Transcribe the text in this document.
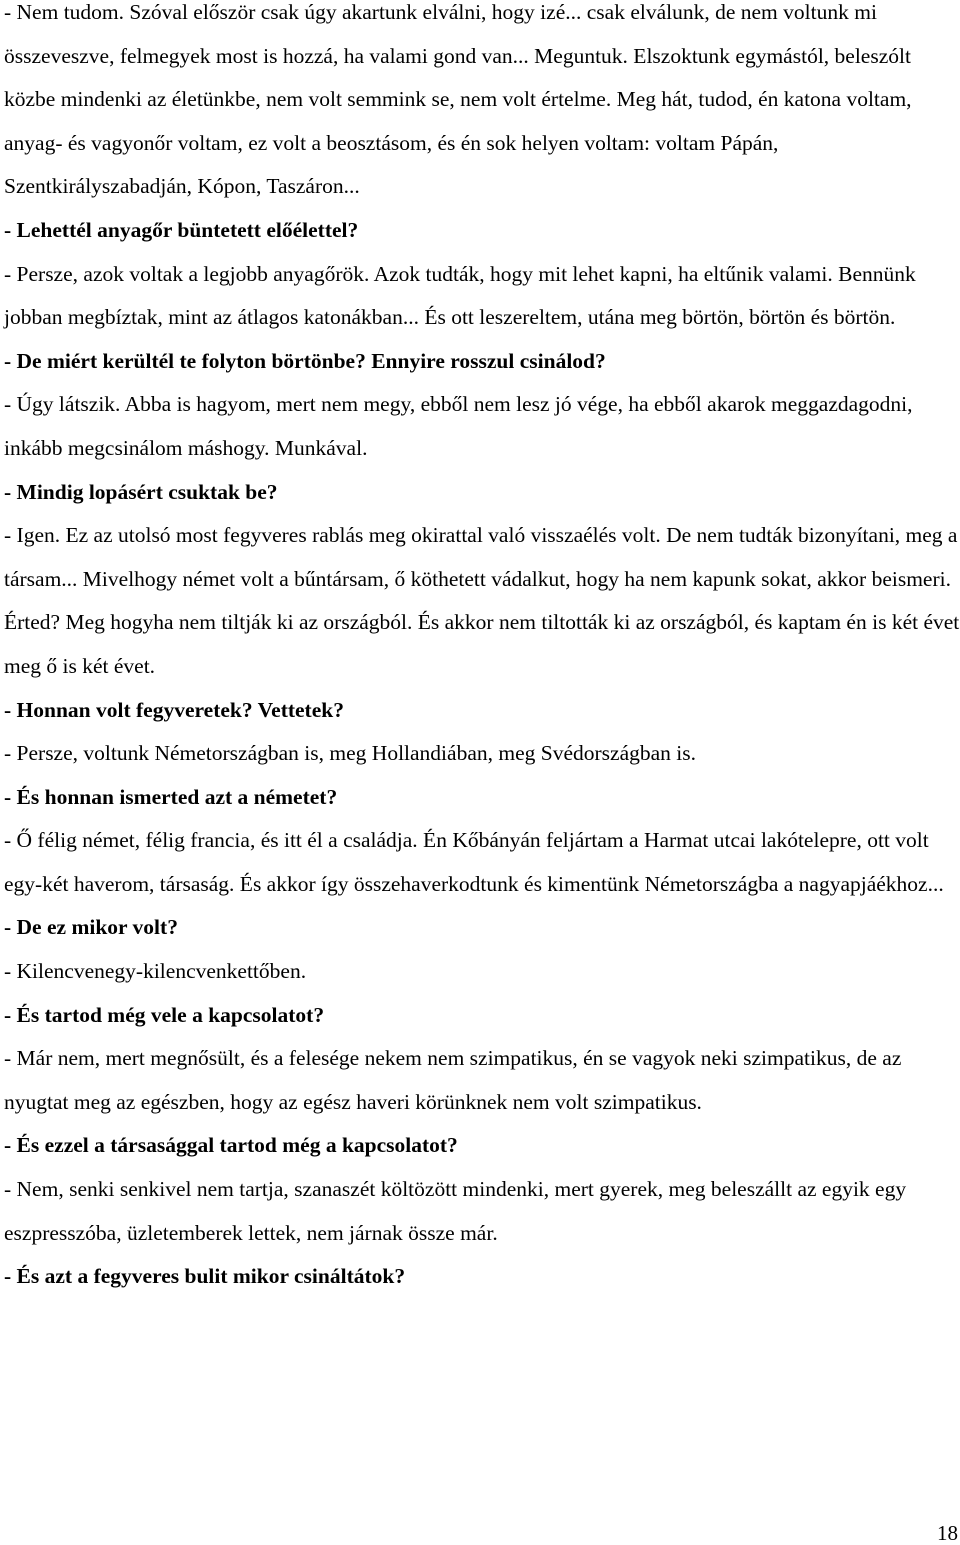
- Nem tudom. Szóval először csak úgy akartunk elválni, hogy izé... csak elválunk, de nem voltunk mi összeveszve, felmegyek most is hozzá, ha valami gond van... Meguntuk. Elszoktunk egymástól, beleszólt közbe mindenki az életünkbe, nem volt semmink se, nem volt értelme. Meg hát, tudod, én katona voltam, anyag- és vagyonőr voltam, ez volt a beosztásom, és én sok helyen voltam: voltam Pápán, Szentkirályszabadján, Kópon, Taszáron...

- Lehettél anyagőr büntetett előélettel?

- Persze, azok voltak a legjobb anyagőrök. Azok tudták, hogy mit lehet kapni, ha eltűnik valami. Bennünk jobban megbíztak, mint az átlagos katonákban... És ott leszereltem, utána meg börtön, börtön és börtön.

- De miért kerültél te folyton börtönbe? Ennyire rosszul csinálod?

- Úgy látszik. Abba is hagyom, mert nem megy, ebből nem lesz jó vége, ha ebből akarok meggazdagodni, inkább megcsinálom máshogy. Munkával.

- Mindig lopásért csuktak be?

- Igen. Ez az utolsó most fegyveres rablás meg okirattal való visszaélés volt. De nem tudták bizonyítani, meg a társam... Mivelhogy német volt a bűntársam, ő köthetett vádalkut, hogy ha nem kapunk sokat, akkor beismeri. Érted? Meg hogyha nem tiltják ki az országból. És akkor nem tiltották ki az országból, és kaptam én is két évet meg ő is két évet.

- Honnan volt fegyveretek? Vettetek?

- Persze, voltunk Németországban is, meg Hollandiában, meg Svédországban is.

- És honnan ismerted azt a németet?

- Ő félig német, félig francia, és itt él a családja. Én Kőbányán feljártam a Harmat utcai lakótelepre, ott volt egy-két haverom, társaság. És akkor így összehaverkodtunk és kimentünk Németországba a nagyapjáékhoz...

- De ez mikor volt?

- Kilencvenegy-kilencvenkettőben.

- És tartod még vele a kapcsolatot?

- Már nem, mert megnősült, és a felesége nekem nem szimpatikus, én se vagyok neki szimpatikus, de az nyugtat meg az egészben, hogy az egész haveri körünknek nem volt szimpatikus.

- És ezzel a társasággal tartod még a kapcsolatot?

- Nem, senki senkivel nem tartja, szanaszét költözött mindenki, mert gyerek, meg beleszállt az egyik egy eszpresszóba, üzletemberek lettek, nem járnak össze már.

- És azt a fegyveres bulit mikor csináltátok?

18
